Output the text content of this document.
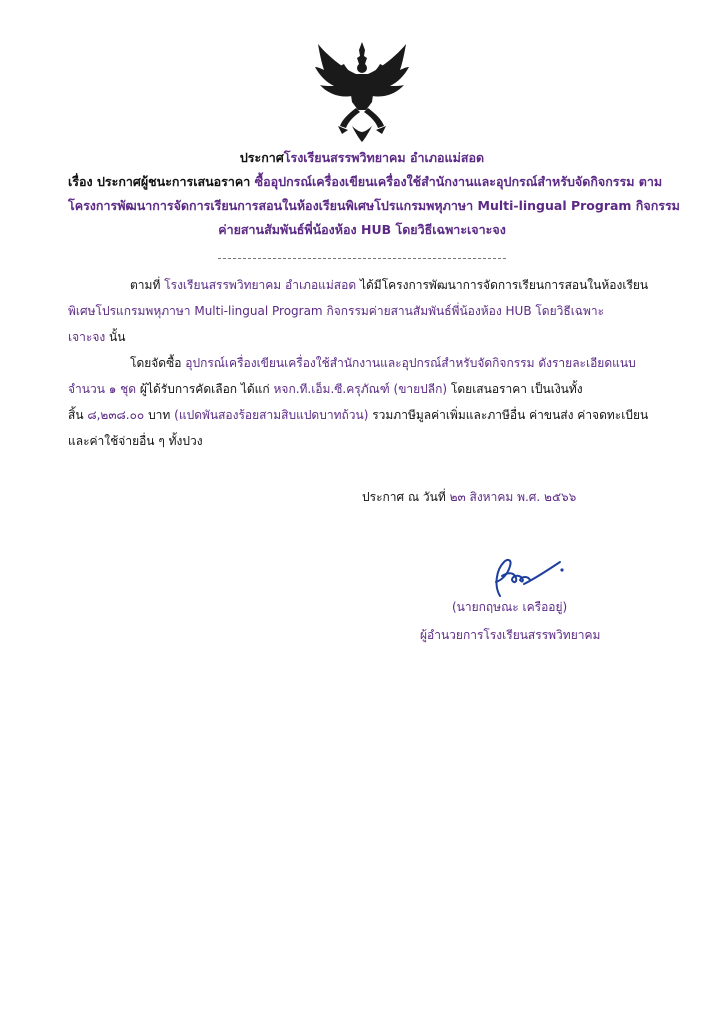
ประกาศโรงเรียนสรรพวิทยาคม อำเภอแม่สอด
เรื่อง ประกาศผู้ชนะการเสนอราคา ซื้ออุปกรณ์เครื่องเขียนเครื่องใช้สำนักงานและอุปกรณ์สำหรับจัดกิจกรรม ตาม
โครงการพัฒนาการจัดการเรียนการสอนในห้องเรียนพิเศษโปรแกรมพหุภาษา Multi-lingual Program กิจกรรม
ค่ายสานสัมพันธ์พี่น้องห้อง HUB โดยวิธีเฉพาะเจาะจง
ตามที่ โรงเรียนสรรพวิทยาคม อำเภอแม่สอด ได้มีโครงการพัฒนาการจัดการเรียนการสอนในห้องเรียน
พิเศษโปรแกรมพหุภาษา Multi-lingual Program กิจกรรมค่ายสานสัมพันธ์พี่น้องห้อง HUB โดยวิธีเฉพาะ
เจาะจง นั้น
โดยจัดซื้อ อุปกรณ์เครื่องเขียนเครื่องใช้สำนักงานและอุปกรณ์สำหรับจัดกิจกรรม ดังรายละเอียดแนบ
จำนวน ๑ ชุด ผู้ได้รับการคัดเลือก ได้แก่ หจก.ที.เอ็ม.ซี.ครุภัณฑ์ (ขายปลีก) โดยเสนอราคา เป็นเงินทั้ง
สิ้น ๘,๒๓๘.๐๐ บาท (แปดพันสองร้อยสามสิบแปดบาทถ้วน) รวมภาษีมูลค่าเพิ่มและภาษีอื่น ค่าขนส่ง ค่าจดทะเบียน
และค่าใช้จ่ายอื่น ๆ ทั้งปวง
ประกาศ ณ วันที่ ๒๓ สิงหาคม พ.ศ. ๒๕๖๖
(นายกฤษณะ เครืออยู่)
ผู้อำนวยการโรงเรียนสรรพวิทยาคม
